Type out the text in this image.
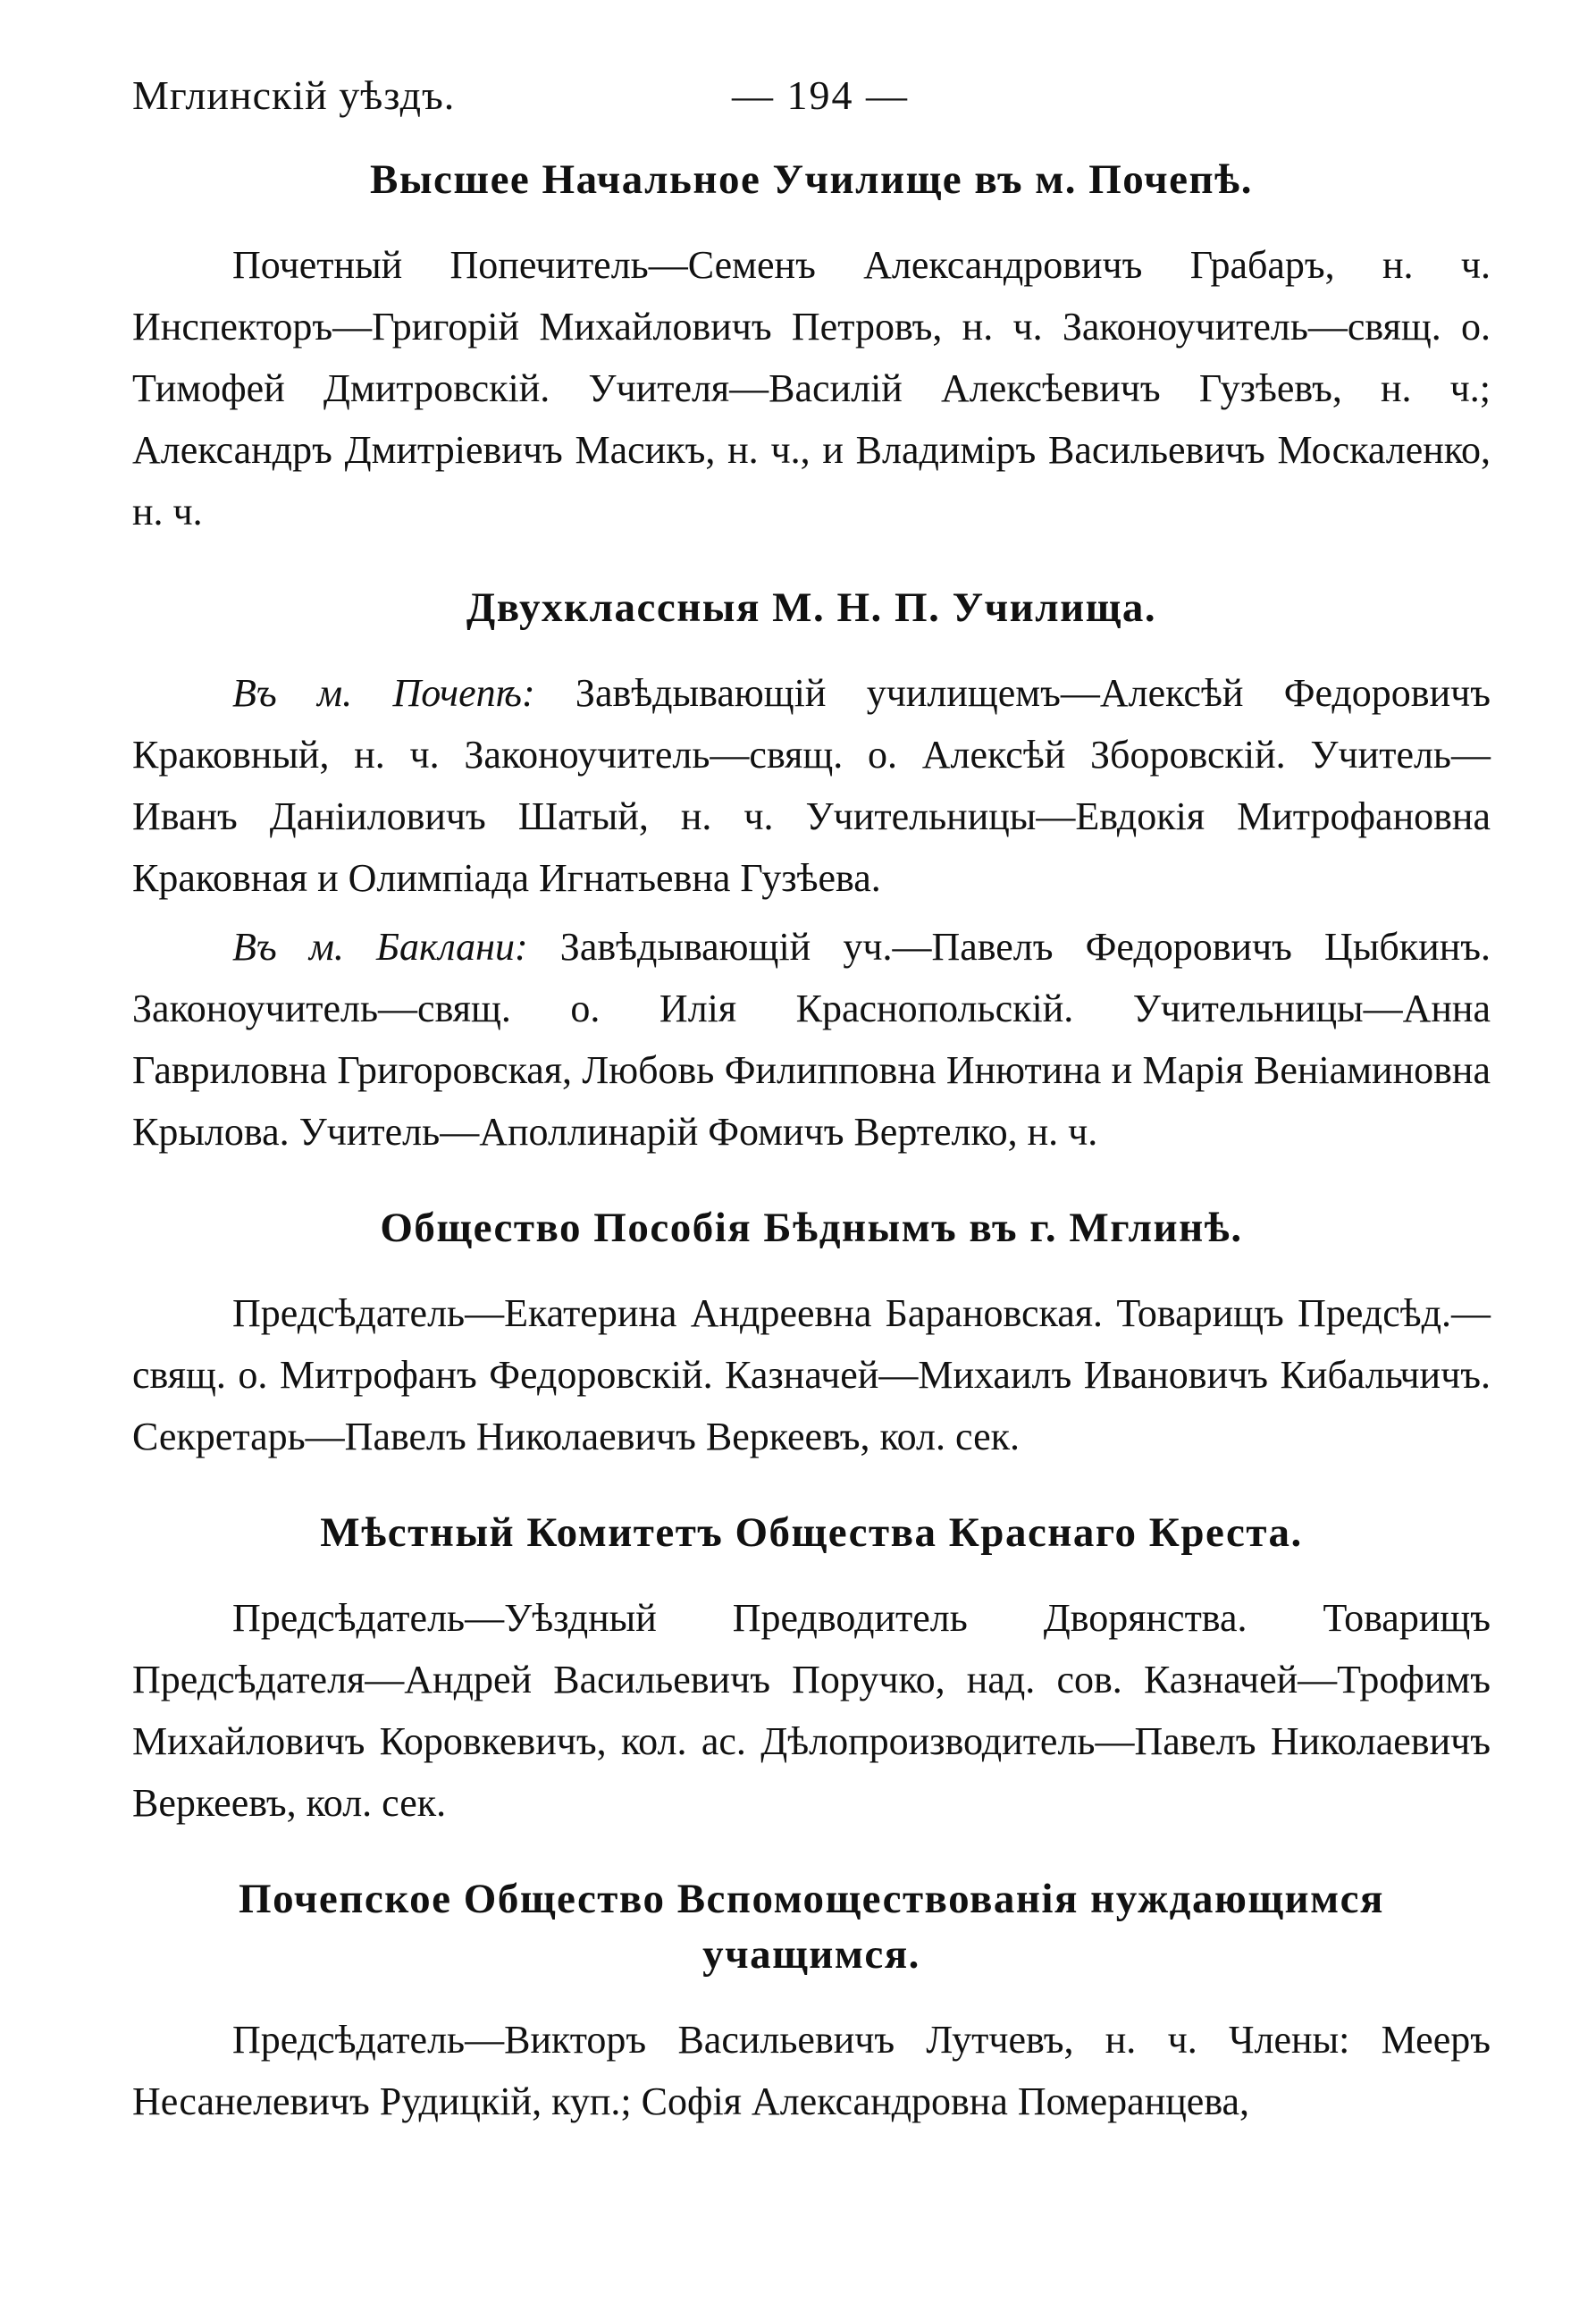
Мглинскій уѣздъ.	— 194 —
Высшее Начальное Училище въ м. Почепѣ.

Почетный Попечитель—Семенъ Александровичъ Грабаръ, н. ч. Инспекторъ—Григорій Михайловичъ Петровъ, н. ч. Законоучитель—свящ. о. Тимофей Дмитровскій. Учителя—Василій Алексѣевичъ Гузѣевъ, н. ч.; Александръ Дмитріевичъ Масикъ, н. ч., и Владиміръ Васильевичъ Москаленко, н. ч.

Двухклассныя М. Н. П. Училища.

Въ м. Почепѣ: Завѣдывающій училищемъ—Алексѣй Федоровичъ Краковный, н. ч. Законоучитель—свящ. о. Алексѣй Зборовскій. Учитель—Иванъ Даніиловичъ Шатый, н. ч. Учительницы—Евдокія Митрофановна Краковная и Олимпіада Игнатьевна Гузѣева.

Въ м. Баклани: Завѣдывающій уч.—Павелъ Федоровичъ Цыбкинъ. Законоучитель—свящ. о. Илія Краснопольскій. Учительницы—Анна Гавриловна Григоровская, Любовь Филипповна Инютина и Марія Веніаминовна Крылова. Учитель—Аполлинарій Фомичъ Вертелко, н. ч.

Общество Пособія Бѣднымъ въ г. Мглинѣ.

Предсѣдатель—Екатерина Андреевна Барановская. Товарищъ Предсѣд.—свящ. о. Митрофанъ Федоровскій. Казначей—Михаилъ Ивановичъ Кибальчичъ. Секретарь—Павелъ Николаевичъ Веркеевъ, кол. сек.

Мѣстный Комитетъ Общества Краснаго Креста.

Предсѣдатель—Уѣздный Предводитель Дворянства. Товарищъ Предсѣдателя—Андрей Васильевичъ Поручко, над. сов. Казначей—Трофимъ Михайловичъ Коровкевичъ, кол. ас. Дѣлопроизводитель—Павелъ Николаевичъ Веркеевъ, кол. сек.

Почепское Общество Вспомоществованія нуждающимся учащимся.

Предсѣдатель—Викторъ Васильевичъ Лутчевъ, н. ч. Члены: Мееръ Несанелевичъ Рудицкій, куп.; Софія Александровна Померанцева,
